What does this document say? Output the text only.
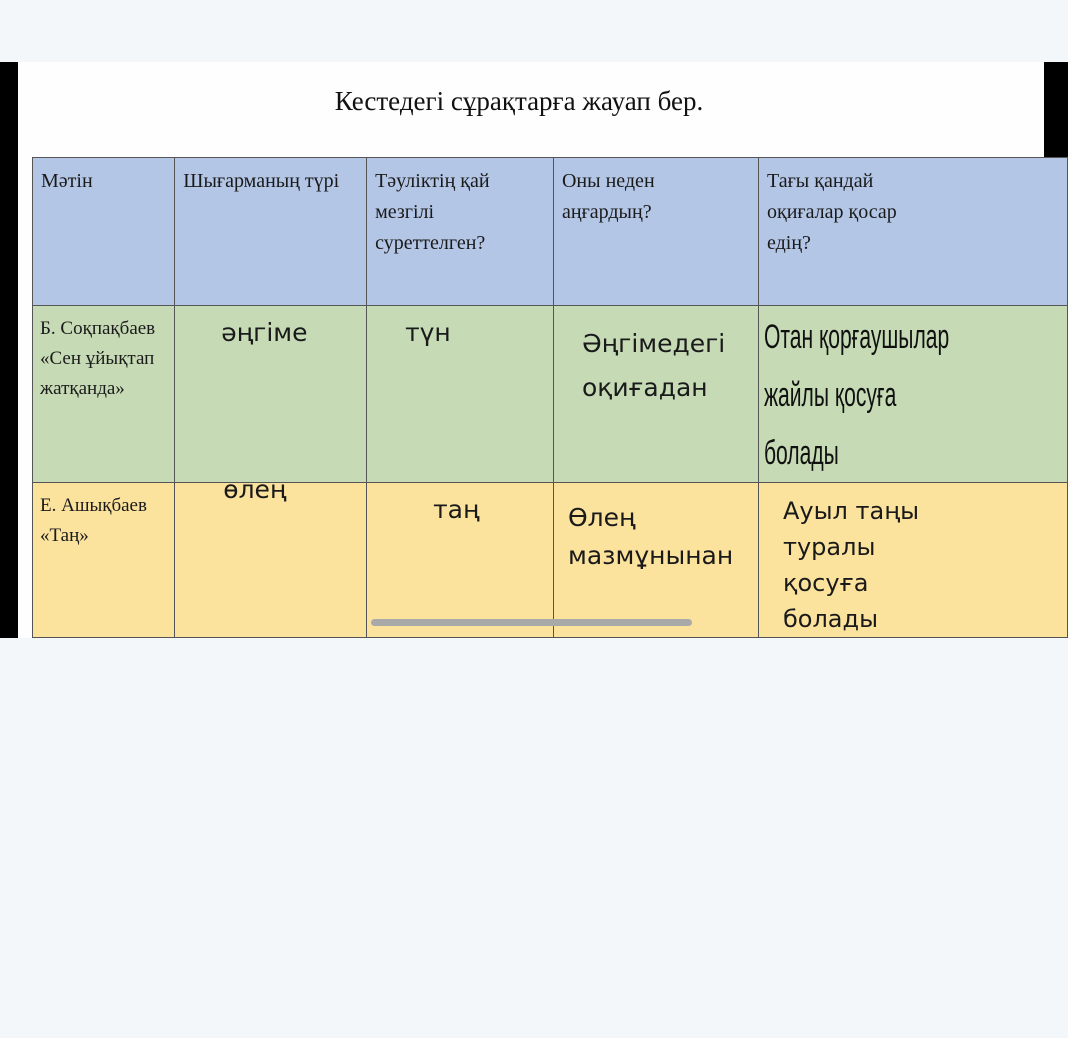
Кестедегі сұрақтарға жауап бер.
Мәтін	Шығарманың түрі	Тәуліктің қай мезгілі суреттелген?	Оны неден аңғардың?	Тағы қандай оқиғалар қосар едің?

Б. Соқпақбаев «Сен ұйықтап жатқанда»	әңгіме	түн	Әңгімедегі оқиғадан	Отан қорғаушылар жайлы қосуға болады

Е. Ашықбаев «Таң»	өлең	таң	Өлең мазмұнынан	Ауыл таңы туралы қосуға болады
